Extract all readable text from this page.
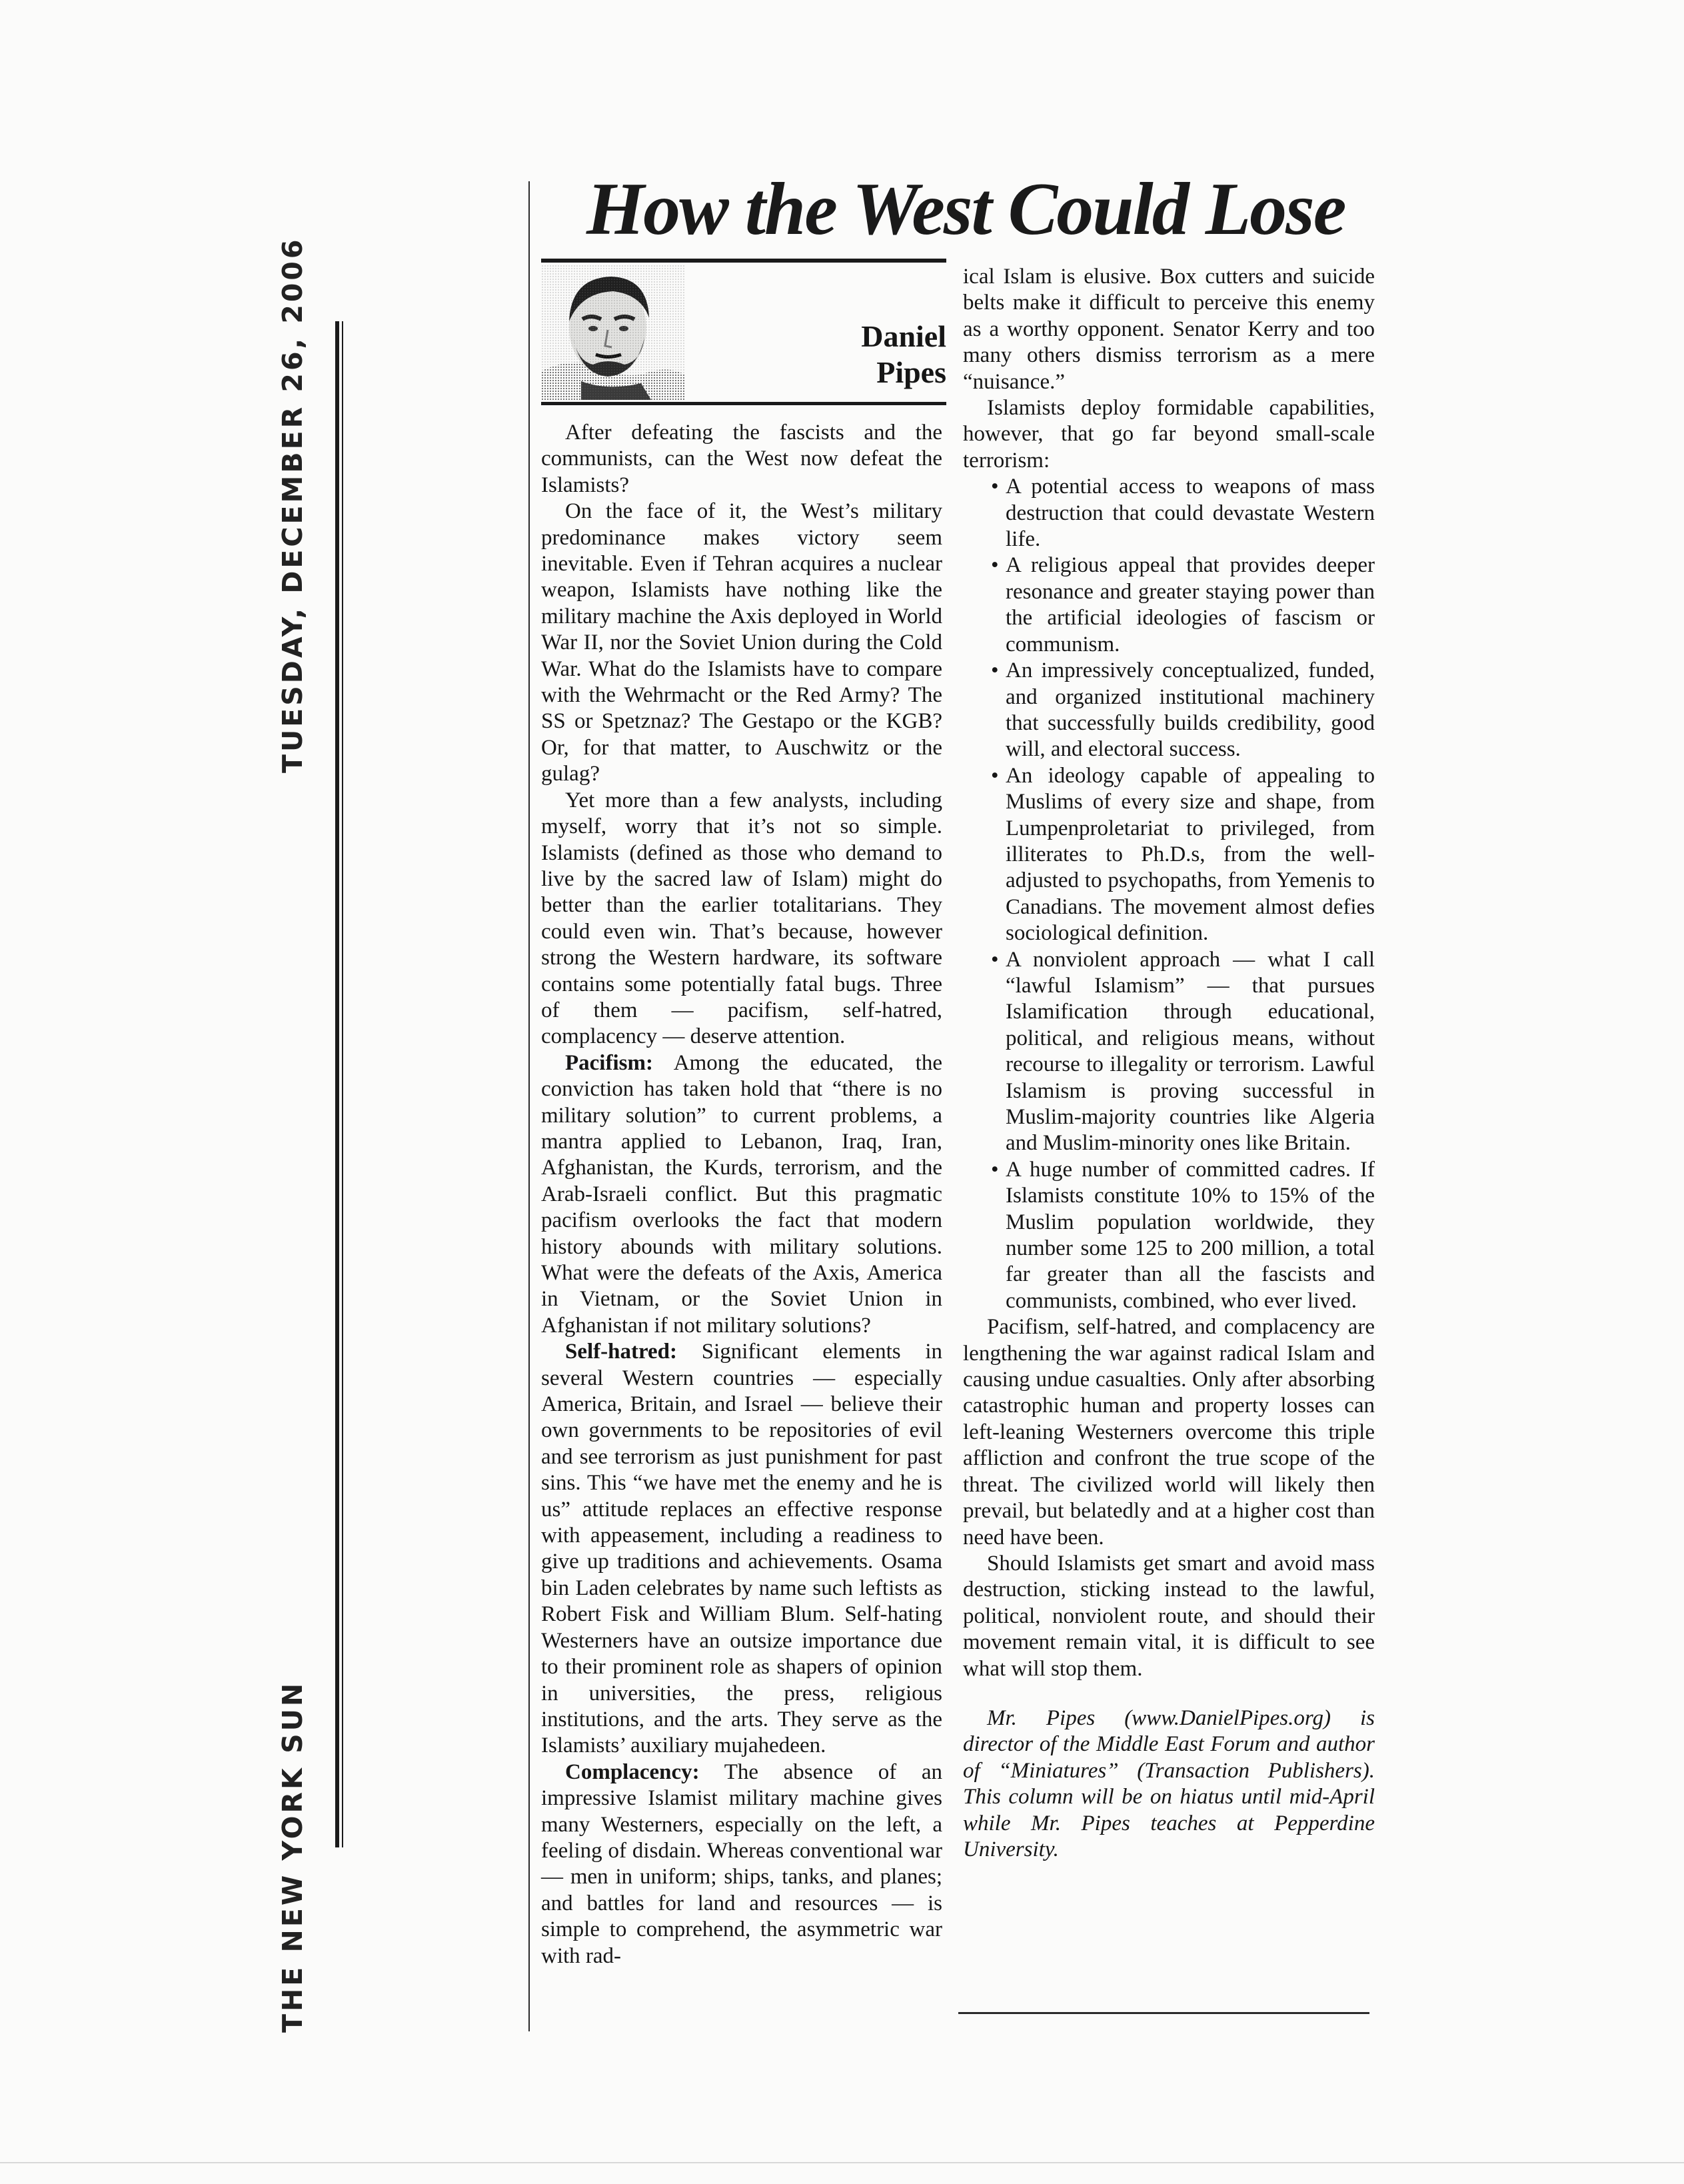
THE NEW YORK SUN
TUESDAY, DECEMBER 26, 2006
How the West Could Lose
Daniel
Pipes

After defeating the fascists and the communists, can the West now defeat the Islamists?

On the face of it, the West’s military predominance makes victory seem inevitable. Even if Tehran acquires a nuclear weapon, Islamists have nothing like the military machine the Axis deployed in World War II, nor the Soviet Union during the Cold War. What do the Islamists have to compare with the Wehrmacht or the Red Army? The SS or Spetznaz? The Gestapo or the KGB? Or, for that matter, to Auschwitz or the gulag?

Yet more than a few analysts, including myself, worry that it’s not so simple. Islamists (defined as those who demand to live by the sacred law of Islam) might do better than the earlier totalitarians. They could even win. That’s because, however strong the Western hardware, its software contains some potentially fatal bugs. Three of them — pacifism, self-hatred, complacency — deserve attention.

Pacifism: Among the educated, the conviction has taken hold that “there is no military solution” to current problems, a mantra applied to Lebanon, Iraq, Iran, Afghanistan, the Kurds, terrorism, and the Arab-Israeli conflict. But this pragmatic pacifism overlooks the fact that modern history abounds with military solutions. What were the defeats of the Axis, America in Vietnam, or the Soviet Union in Afghanistan if not military solutions?

Self-hatred: Significant elements in several Western countries — especially America, Britain, and Israel — believe their own governments to be repositories of evil and see terrorism as just punishment for past sins. This “we have met the enemy and he is us” attitude replaces an effective response with appeasement, including a readiness to give up traditions and achievements. Osama bin Laden celebrates by name such leftists as Robert Fisk and William Blum. Self-hating Westerners have an outsize importance due to their prominent role as shapers of opinion in universities, the press, religious institutions, and the arts. They serve as the Islamists’ auxiliary mujahedeen.

Complacency: The absence of an impressive Islamist military machine gives many Westerners, especially on the left, a feeling of disdain. Whereas conventional war — men in uniform; ships, tanks, and planes; and battles for land and resources — is simple to comprehend, the asymmetric war with rad-

ical Islam is elusive. Box cutters and suicide belts make it difficult to perceive this enemy as a worthy opponent. Senator Kerry and too many others dismiss terrorism as a mere “nuisance.”

Islamists deploy formidable capabilities, however, that go far beyond small-scale terrorism:

• A potential access to weapons of mass destruction that could devastate Western life.
• A religious appeal that provides deeper resonance and greater staying power than the artificial ideologies of fascism or communism.
• An impressively conceptualized, funded, and organized institutional machinery that successfully builds credibility, good will, and electoral success.
• An ideology capable of appealing to Muslims of every size and shape, from Lumpenproletariat to privileged, from illiterates to Ph.D.s, from the well-adjusted to psychopaths, from Yemenis to Canadians. The movement almost defies sociological definition.
• A nonviolent approach — what I call “lawful Islamism” — that pursues Islamification through educational, political, and religious means, without recourse to illegality or terrorism. Lawful Islamism is proving successful in Muslim-majority countries like Algeria and Muslim-minority ones like Britain.
• A huge number of committed cadres. If Islamists constitute 10% to 15% of the Muslim population worldwide, they number some 125 to 200 million, a total far greater than all the fascists and communists, combined, who ever lived.

Pacifism, self-hatred, and complacency are lengthening the war against radical Islam and causing undue casualties. Only after absorbing catastrophic human and property losses can left-leaning Westerners overcome this triple affliction and confront the true scope of the threat. The civilized world will likely then prevail, but belatedly and at a higher cost than need have been.

Should Islamists get smart and avoid mass destruction, sticking instead to the lawful, political, nonviolent route, and should their movement remain vital, it is difficult to see what will stop them.

Mr. Pipes (www.DanielPipes.org) is director of the Middle East Forum and author of “Miniatures” (Transaction Publishers). This column will be on hiatus until mid-April while Mr. Pipes teaches at Pepperdine University.
